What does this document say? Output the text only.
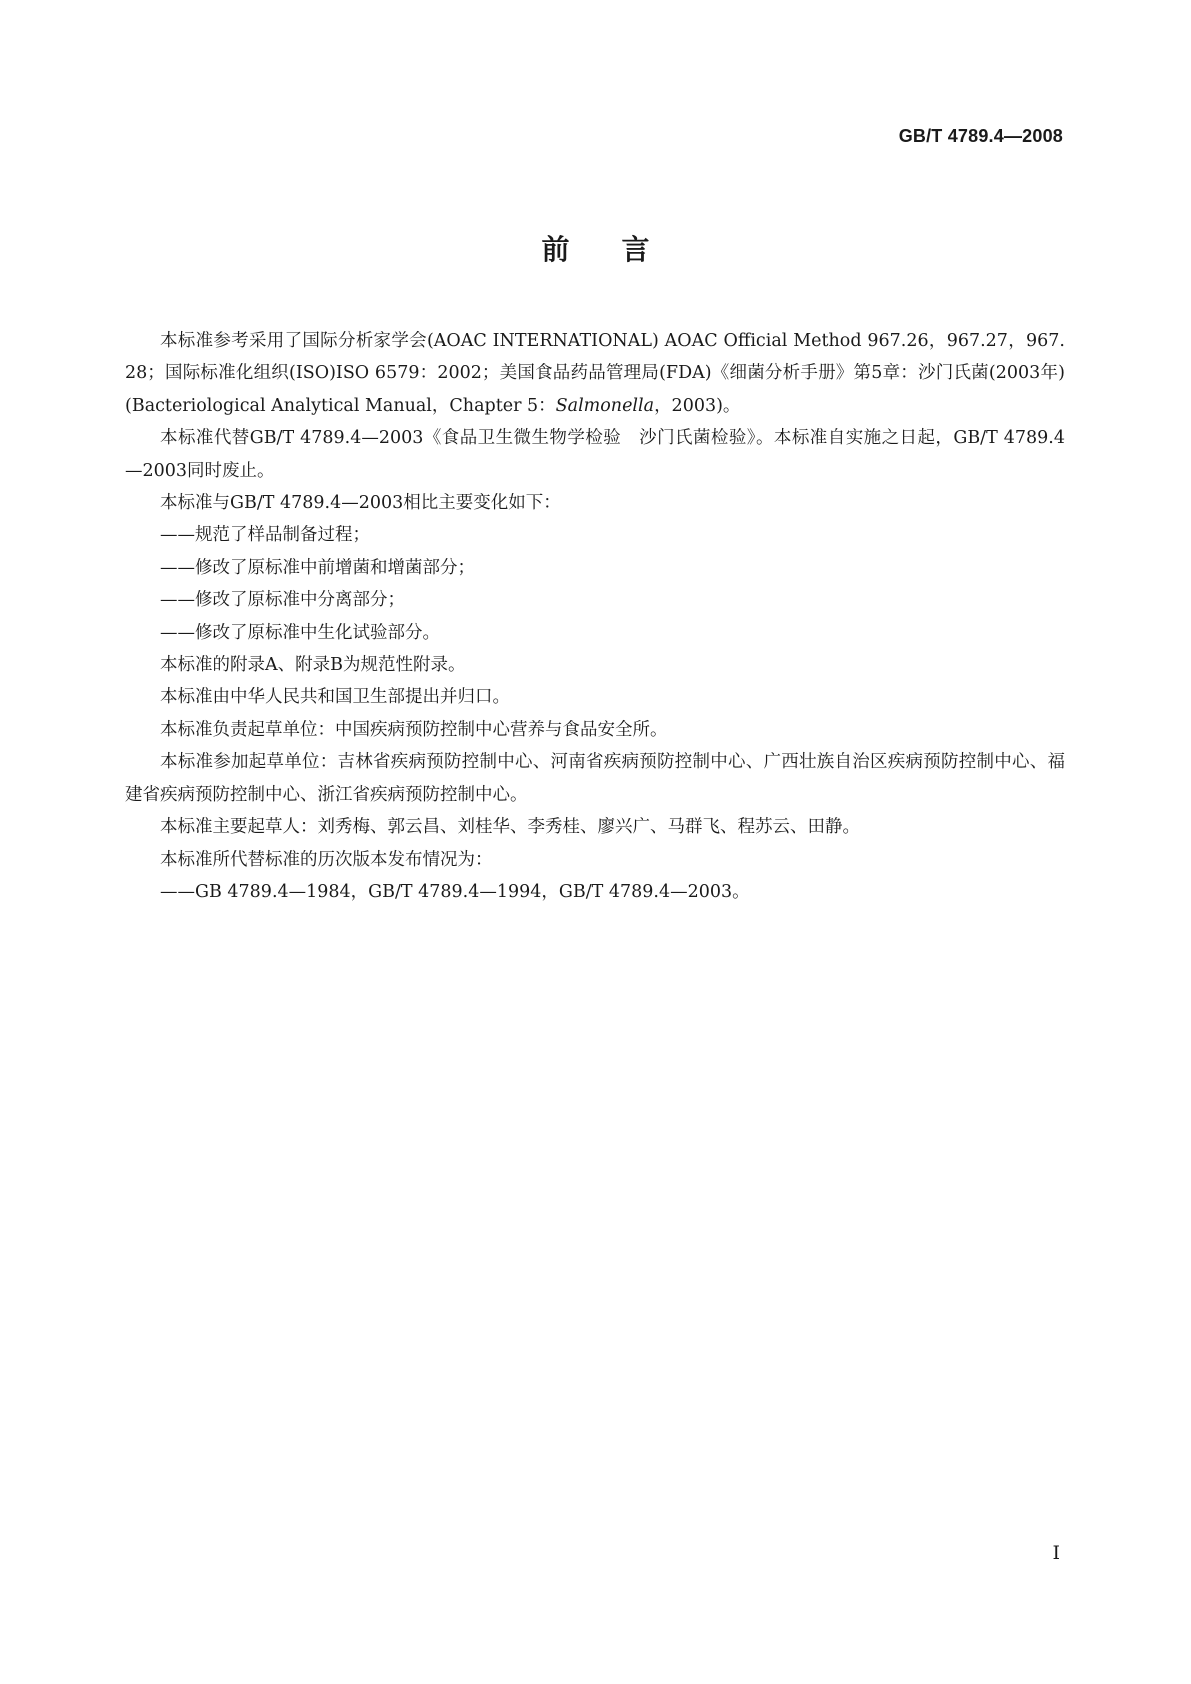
GB/T 4789.4—2008
前 言

本标准参考采用了国际分析家学会(AOAC INTERNATIONAL) AOAC Official Method 967.26，967.27，967.28；国际标准化组织(ISO)ISO 6579：2002；美国食品药品管理局(FDA)《细菌分析手册》第5章：沙门氏菌(2003年)(Bacteriological Analytical Manual，Chapter 5：Salmonella，2003)。

本标准代替GB/T 4789.4—2003《食品卫生微生物学检验　沙门氏菌检验》。本标准自实施之日起，GB/T 4789.4—2003同时废止。

本标准与GB/T 4789.4—2003相比主要变化如下：

——规范了样品制备过程；

——修改了原标准中前增菌和增菌部分；

——修改了原标准中分离部分；

——修改了原标准中生化试验部分。

本标准的附录A、附录B为规范性附录。

本标准由中华人民共和国卫生部提出并归口。

本标准负责起草单位：中国疾病预防控制中心营养与食品安全所。

本标准参加起草单位：吉林省疾病预防控制中心、河南省疾病预防控制中心、广西壮族自治区疾病预防控制中心、福建省疾病预防控制中心、浙江省疾病预防控制中心。

本标准主要起草人：刘秀梅、郭云昌、刘桂华、李秀桂、廖兴广、马群飞、程苏云、田静。

本标准所代替标准的历次版本发布情况为：

——GB 4789.4—1984，GB/T 4789.4—1994，GB/T 4789.4—2003。

I
